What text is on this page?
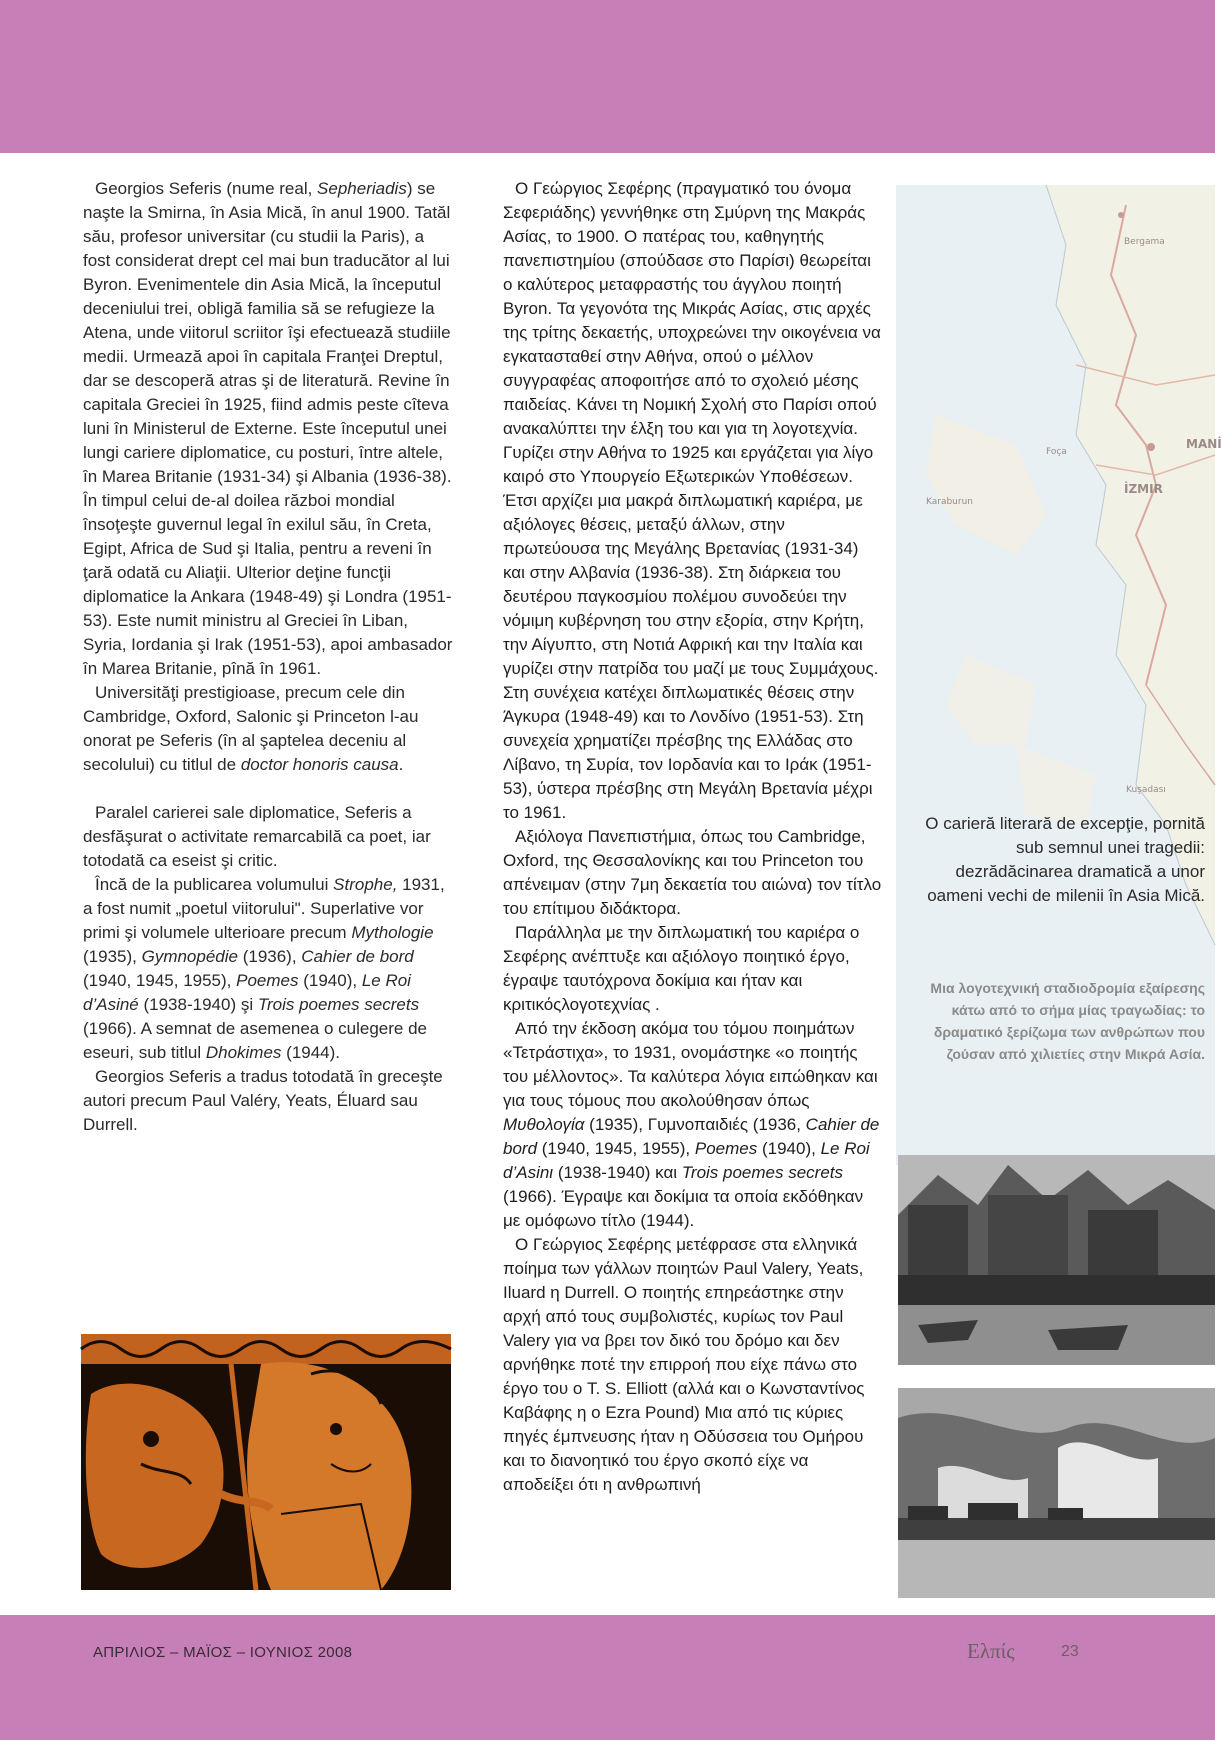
Bergama
Foça
Karaburun
MANİ
İZMIR
Kuşadası

Georgios Seferis (nume real, Sepheriadis) se naşte la Smirna, în Asia Mică, în anul 1900. Tatăl său, profesor universitar (cu studii la Paris), a fost considerat drept cel mai bun traducător al lui Byron. Evenimentele din Asia Mică, la începutul deceniului trei, obligă familia să se refugieze la Atena, unde viitorul scriitor îşi efectuează studiile medii. Urmează apoi în capitala Franţei Dreptul, dar se descoperă atras şi de literatură. Revine în capitala Greciei în 1925, fiind admis peste cîteva luni în Ministerul de Externe. Este începutul unei lungi cariere diplomatice, cu posturi, între altele, în Marea Britanie (1931-34) şi Albania (1936-38). În timpul celui de-al doilea război mondial însoţeşte guvernul legal în exilul său, în Creta, Egipt, Africa de Sud şi Italia, pentru a reveni în ţară odată cu Aliaţii. Ulterior deţine funcţii diplomatice la Ankara (1948-49) şi Londra (1951-53). Este numit ministru al Greciei în Liban, Syria, Iordania şi Irak (1951-53), apoi ambasador în Marea Britanie, pînă în 1961.

Universităţi prestigioase, precum cele din Cambridge, Oxford, Salonic şi Princeton l-au onorat pe Seferis (în al şaptelea deceniu al secolului) cu titlul de doctor honoris causa.

Paralel carierei sale diplomatice, Seferis a desfăşurat o activitate remarcabilă ca poet, iar totodată ca eseist şi critic.

Încă de la publicarea volumului Strophe, 1931, a fost numit „poetul viitorului". Superlative vor primi şi volumele ulterioare precum Mythologie (1935), Gymnopédie (1936), Cahier de bord (1940, 1945, 1955), Poemes (1940), Le Roi d’Asiné (1938-1940) şi Trois poemes secrets (1966). A semnat de asemenea o culegere de eseuri, sub titlul Dhokimes (1944).

Georgios Seferis a tradus totodată în greceşte autori precum Paul Valéry, Yeats, Éluard sau Durrell.

Ο Γεώργιος Σεφέρης (πραγματικό του όνομα Σεφεριάδης) γεννήθηκε στη Σμύρνη της Μακράς Ασίας, το 1900. Ο πατέρας του, καθηγητής πανεπιστημίου (σπούδασε στο Παρίσι) θεωρείται ο καλύτερος μεταφραστής του άγγλου ποιητή Byron. Τα γεγονότα της Μικράς Ασίας, στις αρχές της τρίτης δεκαετής, υποχρεώνει την οικογένεια να εγκατασταθεί στην Αθήνα, οπού ο μέλλον συγγραφέας αποφοιτήσε από το σχολειό μέσης παιδείας. Κάνει τη Νομική Σχολή στο Παρίσι οπού ανακαλύπτει την έλξη του και για τη λογοτεχνία. Γυρίζει στην Αθήνα το 1925 και εργάζεται για λίγο καιρό στο Υπουργείο Εξωτερικών Υποθέσεων. Έτσι αρχίζει μια μακρά διπλωματική καριέρα, με αξιόλογες θέσεις, μεταξύ άλλων, στην πρωτεύουσα της Μεγάλης Βρετανίας (1931-34) και στην Αλβανία (1936-38). Στη διάρκεια του δευτέρου παγκοσμίου πολέμου συνοδεύει την νόμιμη κυβέρνηση του στην εξορία, στην Κρήτη, την Αίγυπτο, στη Νοτιά Αφρική και την Ιταλία και γυρίζει στην πατρίδα του μαζί με τους Συμμάχους. Στη συνέχεια κατέχει διπλωματικές θέσεις στην Άγκυρα (1948-49) και το Λονδίνο (1951-53). Στη συνεχεία χρηματίζει πρέσβης της Ελλάδας στο Λίβανο, τη Συρία, τον Ιορδανία και το Ιράκ (1951-53), ύστερα πρέσβης στη Μεγάλη Βρετανία μέχρι το 1961.

Αξιόλογα Πανεπιστήμια, όπως του Cambridge, Oxford, της Θεσσαλονίκης και του Princeton του απένειμαν (στην 7μη δεκαετία του αιώνα) τον τίτλο του επίτιμου διδάκτορα.

Παράλληλα με την διπλωματική του καριέρα ο Σεφέρης ανέπτυξε και αξιόλογο ποιητικό έργο, έγραψε ταυτόχρονα δοκίμια και ήταν και κριτικόςλογοτεχνίας .

Από την έκδοση ακόμα του τόμου ποιημάτων «Τετράστιχα», το 1931, ονομάστηκε «ο ποιητής του μέλλοντος». Τα καλύτερα λόγια ειπώθηκαν και για τους τόμους που ακολούθησαν όπως Μυθολογία (1935), Γυμνοπαιδιές (1936, Cahier de bord (1940, 1945, 1955), Poemes (1940), Le Roi d’Asinι (1938-1940) και Trois poemes secrets (1966). Έγραψε και δοκίμια τα οποία εκδόθηκαν με ομόφωνο τίτλο (1944).

Ο Γεώργιος Σεφέρης μετέφρασε στα ελληνικά ποίημα των γάλλων ποιητών Paul Valery, Yeats, Iluard η Durrell. Ο ποιητής επηρεάστηκε στην αρχή από τους συμβολιστές, κυρίως τον Paul Valery για να βρει τον δικό του δρόμο και δεν αρνήθηκε ποτέ την επιρροή που είχε πάνω στο έργο του ο T. S. Elliott (αλλά και ο Κωνσταντίνος Καβάφης η ο Ezra Pound) Μια από τις κύριες πηγές έμπνευσης ήταν η Οδύσσεια του Ομήρου και το διανοητικό του έργο σκοπό είχε να αποδείξει ότι η ανθρωπινή

O carieră literară de excepţie, pornită sub semnul unei tragedii: dezrădăcinarea dramatică a unor oameni vechi de milenii în Asia Mică.
Μια λογοτεχνική σταδιοδρομία εξαίρεσης κάτω από το σήμα μίας τραγωδίας: το δραματικό ξερίζωμα των ανθρώπων που ζούσαν από χιλιετίες στην Μικρά Ασία.
ΑΠΡΙΛΙΟΣ – ΜΑΪΟΣ – ΙΟΥΝΙΟΣ 2008	Ελπίς	23
